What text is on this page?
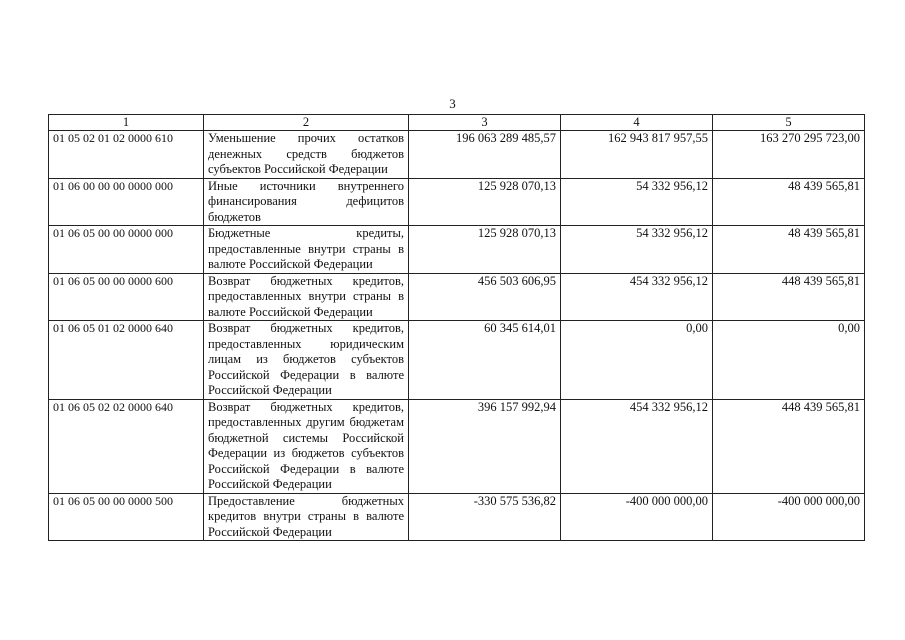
3
1	2	3	4	5
01 05 02 01 02 0000 610	Уменьшение прочих остатков денежных средств бюджетов субъектов Российской Федерации	196 063 289 485,57	162 943 817 957,55	163 270 295 723,00
01 06 00 00 00 0000 000	Иные источники внутреннего финансирования дефицитов бюджетов	125 928 070,13	54 332 956,12	48 439 565,81
01 06 05 00 00 0000 000	Бюджетные кредиты, предоставленные внутри страны в валюте Российской Федерации	125 928 070,13	54 332 956,12	48 439 565,81
01 06 05 00 00 0000 600	Возврат бюджетных кредитов, предоставленных внутри страны в валюте Российской Федерации	456 503 606,95	454 332 956,12	448 439 565,81
01 06 05 01 02 0000 640	Возврат бюджетных кредитов, предоставленных юридическим лицам из бюджетов субъектов Российской Федерации в валюте Российской Федерации	60 345 614,01	0,00	0,00
01 06 05 02 02 0000 640	Возврат бюджетных кредитов, предоставленных другим бюджетам бюджетной системы Российской Федерации из бюджетов субъектов Российской Федерации в валюте Российской Федерации	396 157 992,94	454 332 956,12	448 439 565,81
01 06 05 00 00 0000 500	Предоставление бюджетных кредитов внутри страны в валюте Российской Федерации	-330 575 536,82	-400 000 000,00	-400 000 000,00
